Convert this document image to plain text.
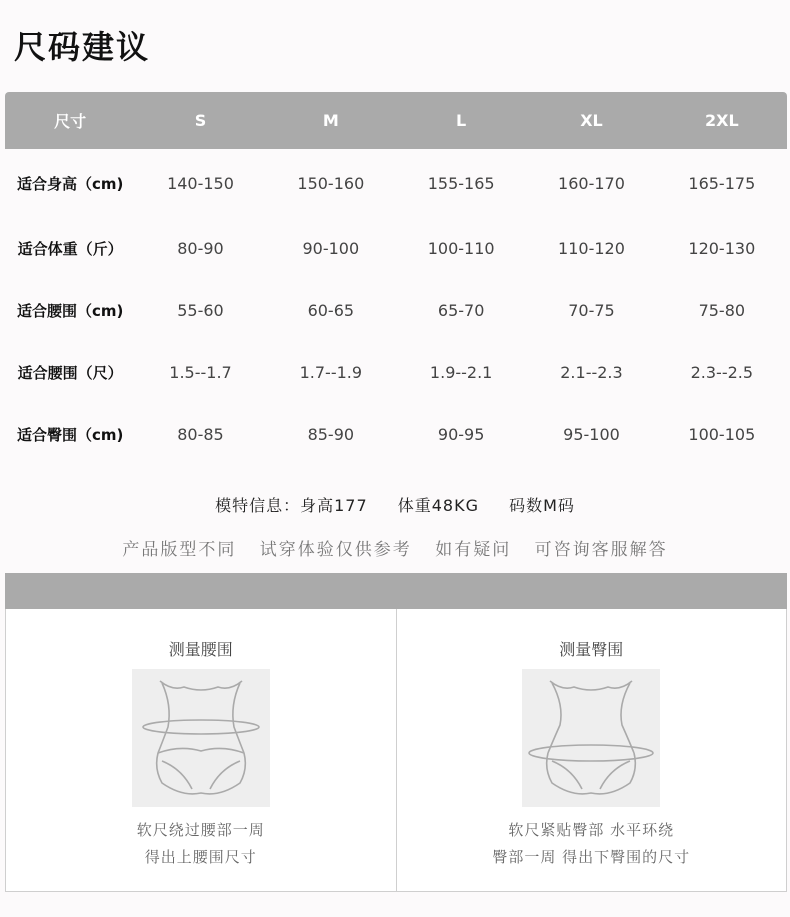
尺码建议
尺寸	S	M	L	XL	2XL
适合身高（cm)	140-150	150-160	155-165	160-170	165-175
适合体重（斤）	80-90	90-100	100-110	110-120	120-130
适合腰围（cm)	55-60	60-65	65-70	70-75	75-80
适合腰围（尺）	1.5--1.7	1.7--1.9	1.9--2.1	2.1--2.3	2.3--2.5
适合臀围（cm)	80-85	85-90	90-95	95-100	100-105
模特信息：身高177 体重48KG 码数M码
产品版型不同 试穿体验仅供参考 如有疑问 可咨询客服解答
测量腰围
软尺绕过腰部一周
得出上腰围尺寸
测量臀围
软尺紧贴臀部 水平环绕
臀部一周 得出下臀围的尺寸
